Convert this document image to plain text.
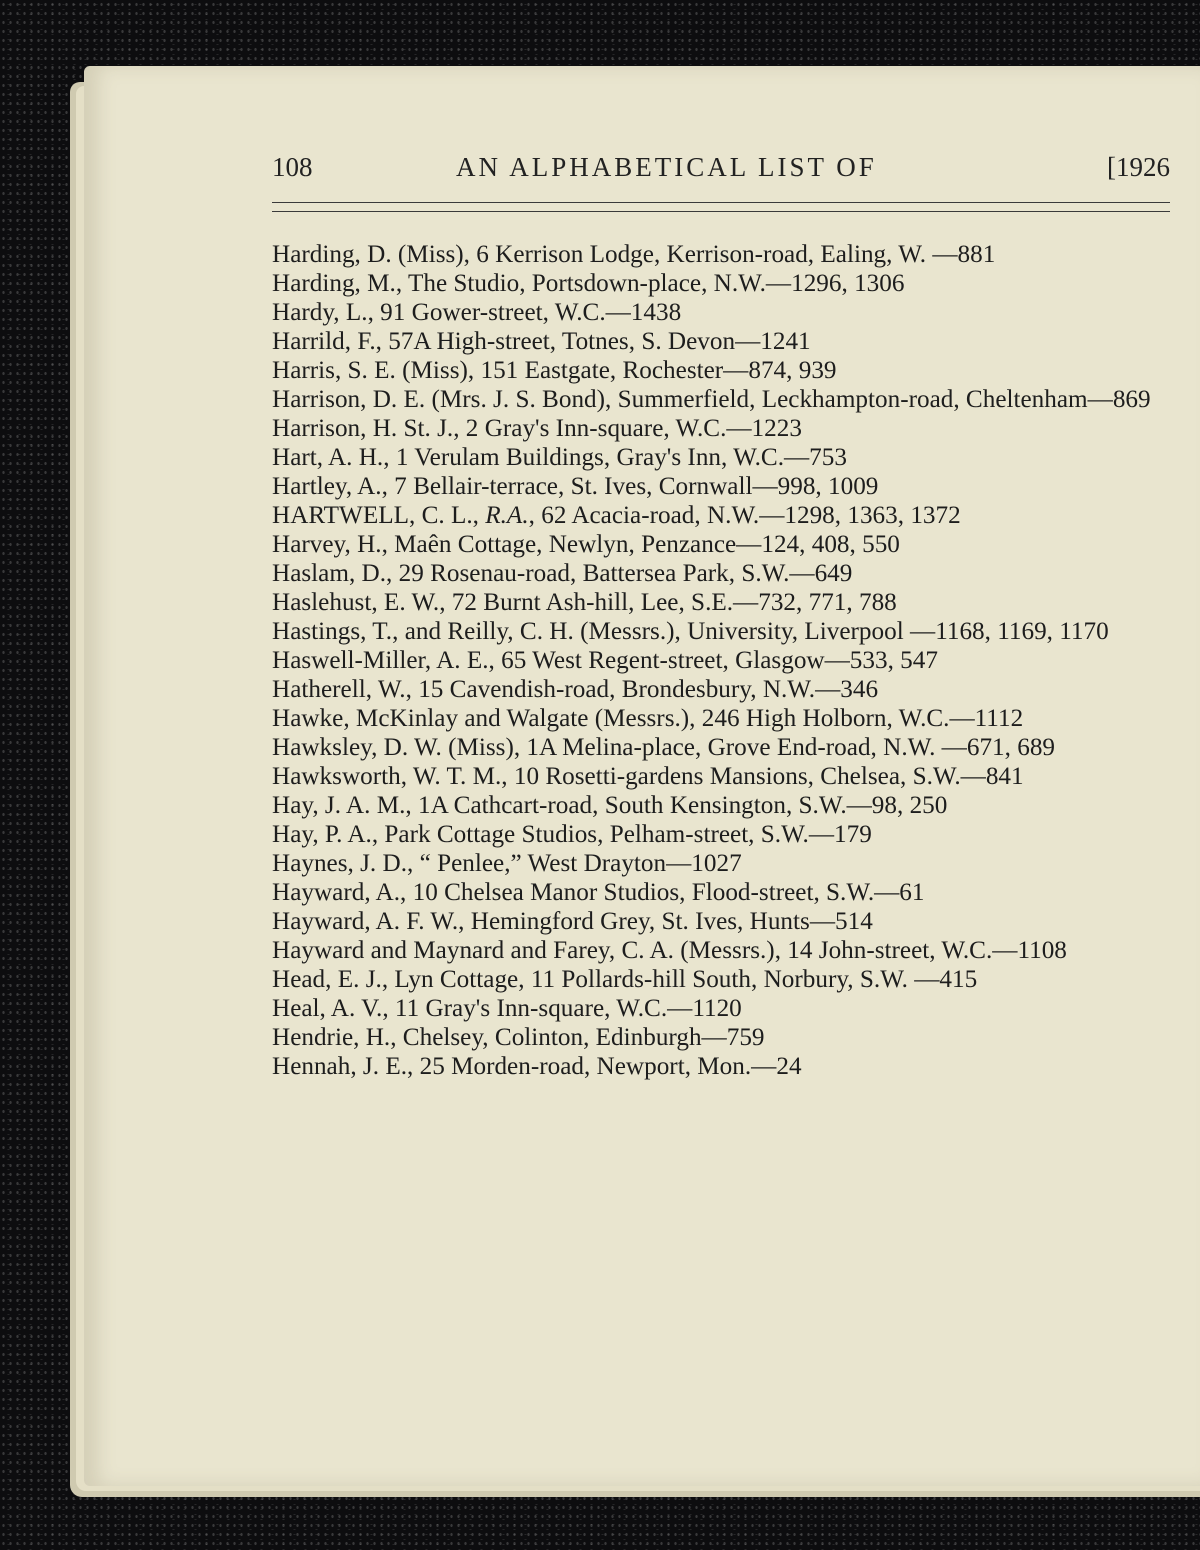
108	AN ALPHABETICAL LIST OF	[1926
Harding, D. (Miss), 6 Kerrison Lodge, Kerrison-road, Ealing, W. —881
Harding, M., The Studio, Portsdown-place, N.W.—1296, 1306
Hardy, L., 91 Gower-street, W.C.—1438
Harrild, F., 57A High-street, Totnes, S. Devon—1241
Harris, S. E. (Miss), 151 Eastgate, Rochester—874, 939
Harrison, D. E. (Mrs. J. S. Bond), Summerfield, Leckhampton-road, Cheltenham—869
Harrison, H. St. J., 2 Gray's Inn-square, W.C.—1223
Hart, A. H., 1 Verulam Buildings, Gray's Inn, W.C.—753
Hartley, A., 7 Bellair-terrace, St. Ives, Cornwall—998, 1009
HARTWELL, C. L., R.A., 62 Acacia-road, N.W.—1298, 1363, 1372
Harvey, H., Maên Cottage, Newlyn, Penzance—124, 408, 550
Haslam, D., 29 Rosenau-road, Battersea Park, S.W.—649
Haslehust, E. W., 72 Burnt Ash-hill, Lee, S.E.—732, 771, 788
Hastings, T., and Reilly, C. H. (Messrs.), University, Liverpool —1168, 1169, 1170
Haswell-Miller, A. E., 65 West Regent-street, Glasgow—533, 547
Hatherell, W., 15 Cavendish-road, Brondesbury, N.W.—346
Hawke, McKinlay and Walgate (Messrs.), 246 High Holborn, W.C.—1112
Hawksley, D. W. (Miss), 1A Melina-place, Grove End-road, N.W. —671, 689
Hawksworth, W. T. M., 10 Rosetti-gardens Mansions, Chelsea, S.W.—841
Hay, J. A. M., 1A Cathcart-road, South Kensington, S.W.—98, 250
Hay, P. A., Park Cottage Studios, Pelham-street, S.W.—179
Haynes, J. D., “ Penlee,” West Drayton—1027
Hayward, A., 10 Chelsea Manor Studios, Flood-street, S.W.—61
Hayward, A. F. W., Hemingford Grey, St. Ives, Hunts—514
Hayward and Maynard and Farey, C. A. (Messrs.), 14 John-street, W.C.—1108
Head, E. J., Lyn Cottage, 11 Pollards-hill South, Norbury, S.W. —415
Heal, A. V., 11 Gray's Inn-square, W.C.—1120
Hendrie, H., Chelsey, Colinton, Edinburgh—759
Hennah, J. E., 25 Morden-road, Newport, Mon.—24
